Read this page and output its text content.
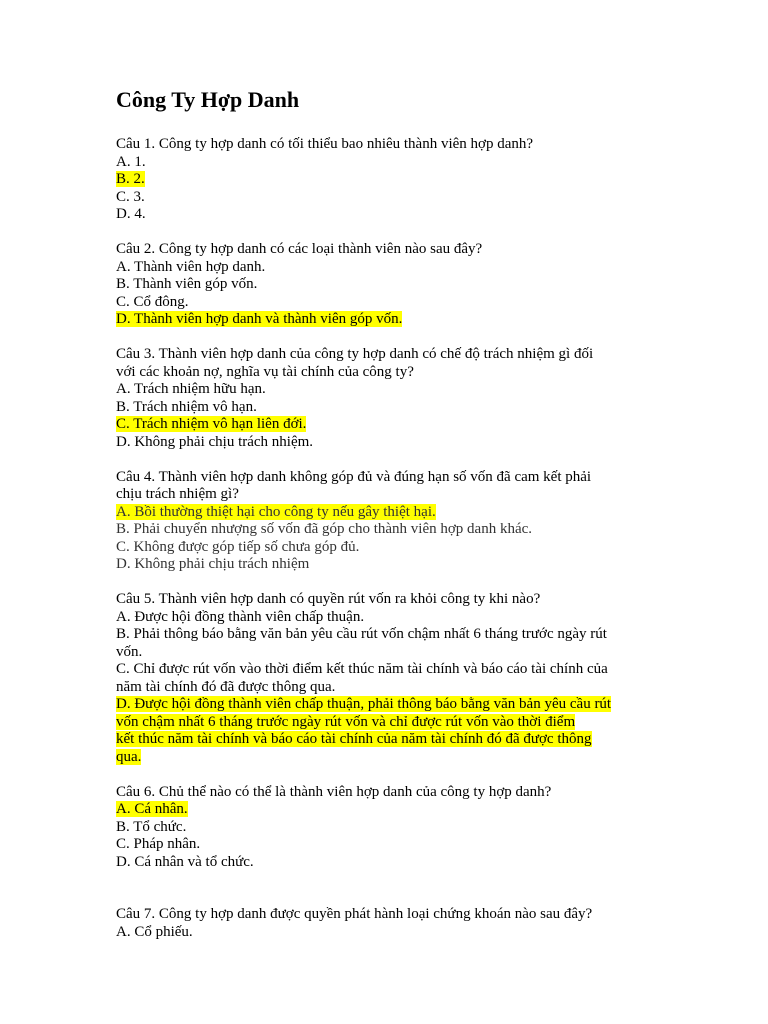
Công Ty Hợp Danh
Câu 1. Công ty hợp danh có tối thiểu bao nhiêu thành viên hợp danh?
A. 1.
B. 2.
C. 3.
D. 4.
Câu 2. Công ty hợp danh có các loại thành viên nào sau đây?
A. Thành viên hợp danh.
B. Thành viên góp vốn.
C. Cổ đông.
D. Thành viên hợp danh và thành viên góp vốn.
Câu 3. Thành viên hợp danh của công ty hợp danh có chế độ trách nhiệm gì đối
với các khoản nợ, nghĩa vụ tài chính của công ty?
A. Trách nhiệm hữu hạn.
B. Trách nhiệm vô hạn.
C. Trách nhiệm vô hạn liên đới.
D. Không phải chịu trách nhiệm.
Câu 4. Thành viên hợp danh không góp đủ và đúng hạn số vốn đã cam kết phải
chịu trách nhiệm gì?
A. Bồi thường thiệt hại cho công ty nếu gây thiệt hại.
B. Phải chuyển nhượng số vốn đã góp cho thành viên hợp danh khác.
C. Không được góp tiếp số chưa góp đủ.
D. Không phải chịu trách nhiệm
Câu 5. Thành viên hợp danh có quyền rút vốn ra khỏi công ty khi nào?
A. Được hội đồng thành viên chấp thuận.
B. Phải thông báo bằng văn bản yêu cầu rút vốn chậm nhất 6 tháng trước ngày rút
vốn.
C. Chỉ được rút vốn vào thời điểm kết thúc năm tài chính và báo cáo tài chính của
năm tài chính đó đã được thông qua.
D. Được hội đồng thành viên chấp thuận, phải thông báo bằng văn bản yêu cầu rút
vốn chậm nhất 6 tháng trước ngày rút vốn và chỉ được rút vốn vào thời điểm
kết thúc năm tài chính và báo cáo tài chính của năm tài chính đó đã được thông
qua.
Câu 6. Chủ thể nào có thể là thành viên hợp danh của công ty hợp danh?
A. Cá nhân.
B. Tổ chức.
C. Pháp nhân.
D. Cá nhân và tổ chức.
Câu 7. Công ty hợp danh được quyền phát hành loại chứng khoán nào sau đây?
A. Cổ phiếu.
